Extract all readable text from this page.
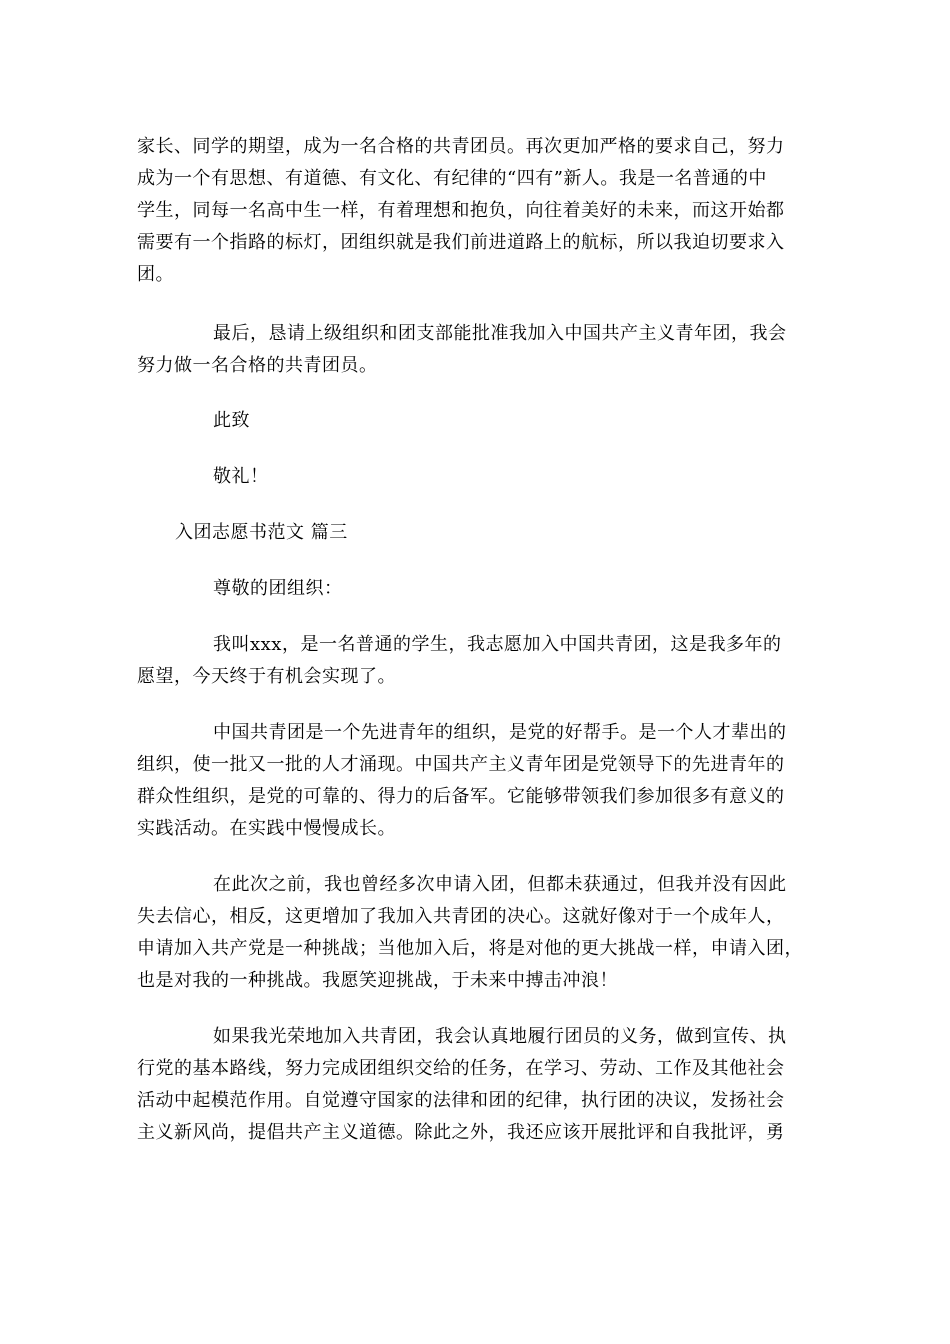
家长、同学的期望，成为一名合格的共青团员。再次更加严格的要求自己，努力
成为一个有思想、有道德、有文化、有纪律的“四有”新人。我是一名普通的中
学生，同每一名高中生一样，有着理想和抱负，向往着美好的未来，而这开始都
需要有一个指路的标灯，团组织就是我们前进道路上的航标，所以我迫切要求入
团。

最后，恳请上级组织和团支部能批准我加入中国共产主义青年团，我会
努力做一名合格的共青团员。

此致

敬礼！

入团志愿书范文 篇三

尊敬的团组织：

我叫xxx，是一名普通的学生，我志愿加入中国共青团，这是我多年的
愿望，今天终于有机会实现了。

中国共青团是一个先进青年的组织，是党的好帮手。是一个人才辈出的
组织，使一批又一批的人才涌现。中国共产主义青年团是党领导下的先进青年的
群众性组织，是党的可靠的、得力的后备军。它能够带领我们参加很多有意义的
实践活动。在实践中慢慢成长。

在此次之前，我也曾经多次申请入团，但都未获通过，但我并没有因此
失去信心，相反，这更增加了我加入共青团的决心。这就好像对于一个成年人，
申请加入共产党是一种挑战；当他加入后，将是对他的更大挑战一样，申请入团，
也是对我的一种挑战。我愿笑迎挑战，于未来中搏击冲浪！

如果我光荣地加入共青团，我会认真地履行团员的义务，做到宣传、执
行党的基本路线，努力完成团组织交给的任务，在学习、劳动、工作及其他社会
活动中起模范作用。自觉遵守国家的法律和团的纪律，执行团的决议，发扬社会
主义新风尚，提倡共产主义道德。除此之外，我还应该开展批评和自我批评，勇
